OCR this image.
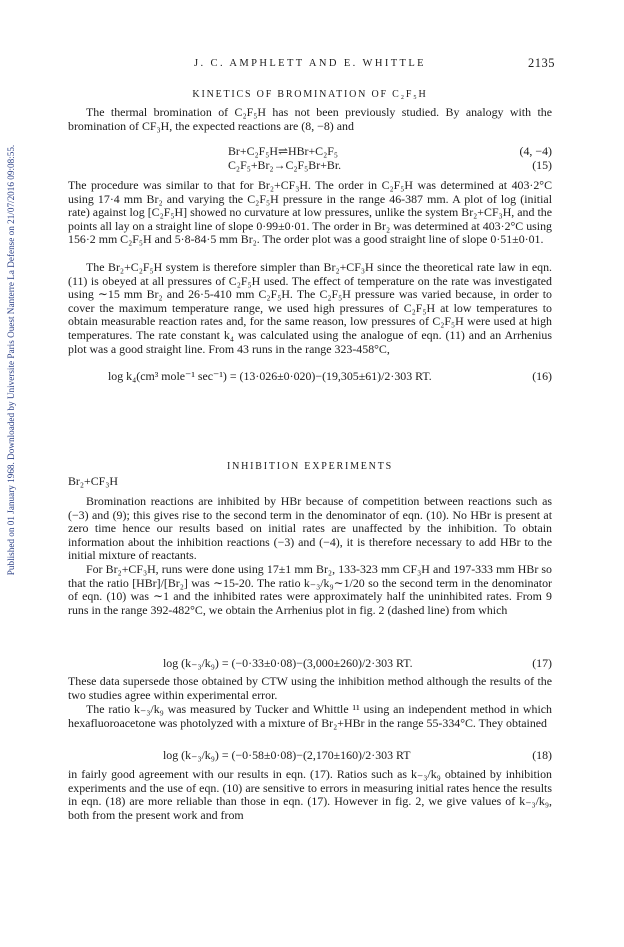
Published on 01 January 1968. Downloaded by Universite Paris Ouest Nanterre La Defense on 21/07/2016 09:08:55.
J. C. AMPHLETT AND E. WHITTLE	2135
KINETICS OF BROMINATION OF C₂F₅H

The thermal bromination of C₂F₅H has not been previously studied. By analogy with the bromination of CF₃H, the expected reactions are (8, −8) and

Br+C₂F₅H⇌HBr+C₂F₅	(4, −4)
C₂F₅+Br₂→C₂F₅Br+Br.	(15)

The procedure was similar to that for Br₂+CF₃H. The order in C₂F₅H was determined at 403·2°C using 17·4 mm Br₂ and varying the C₂F₅H pressure in the range 46-387 mm. A plot of log (initial rate) against log [C₂F₅H] showed no curvature at low pressures, unlike the system Br₂+CF₃H, and the points all lay on a straight line of slope 0·99±0·01. The order in Br₂ was determined at 403·2°C using 156·2 mm C₂F₅H and 5·8-84·5 mm Br₂. The order plot was a good straight line of slope 0·51±0·01.

The Br₂+C₂F₅H system is therefore simpler than Br₂+CF₃H since the theoretical rate law in eqn. (11) is obeyed at all pressures of C₂F₅H used. The effect of temperature on the rate was investigated using ∼15 mm Br₂ and 26·5-410 mm C₂F₅H. The C₂F₅H pressure was varied because, in order to cover the maximum temperature range, we used high pressures of C₂F₅H at low temperatures to obtain measurable reaction rates and, for the same reason, low pressures of C₂F₅H were used at high temperatures. The rate constant k₄ was calculated using the analogue of eqn. (11) and an Arrhenius plot was a good straight line. From 43 runs in the range 323-458°C,

log k₄(cm³ mole⁻¹ sec⁻¹) = (13·026±0·020)−(19,305±61)/2·303 RT.	(16)
INHIBITION EXPERIMENTS
Br₂+CF₃H

Bromination reactions are inhibited by HBr because of competition between reactions such as (−3) and (9); this gives rise to the second term in the denominator of eqn. (10). No HBr is present at zero time hence our results based on initial rates are unaffected by the inhibition. To obtain information about the inhibition reactions (−3) and (−4), it is therefore necessary to add HBr to the initial mixture of reactants.

For Br₂+CF₃H, runs were done using 17±1 mm Br₂, 133-323 mm CF₃H and 197-333 mm HBr so that the ratio [HBr]/[Br₂] was ∼15-20. The ratio k₋₃/k₉∼1/20 so the second term in the denominator of eqn. (10) was ∼1 and the inhibited rates were approximately half the uninhibited rates. From 9 runs in the range 392-482°C, we obtain the Arrhenius plot in fig. 2 (dashed line) from which

log (k₋₃/k₉) = (−0·33±0·08)−(3,000±260)/2·303 RT.	(17)

These data supersede those obtained by CTW using the inhibition method although the results of the two studies agree within experimental error.

The ratio k₋₃/k₉ was measured by Tucker and Whittle ¹¹ using an independent method in which hexafluoroacetone was photolyzed with a mixture of Br₂+HBr in the range 55-334°C. They obtained

log (k₋₃/k₉) = (−0·58±0·08)−(2,170±160)/2·303 RT	(18)

in fairly good agreement with our results in eqn. (17). Ratios such as k₋₃/k₉ obtained by inhibition experiments and the use of eqn. (10) are sensitive to errors in measuring initial rates hence the results in eqn. (18) are more reliable than those in eqn. (17). However in fig. 2, we give values of k₋₃/k₉, both from the present work and from
